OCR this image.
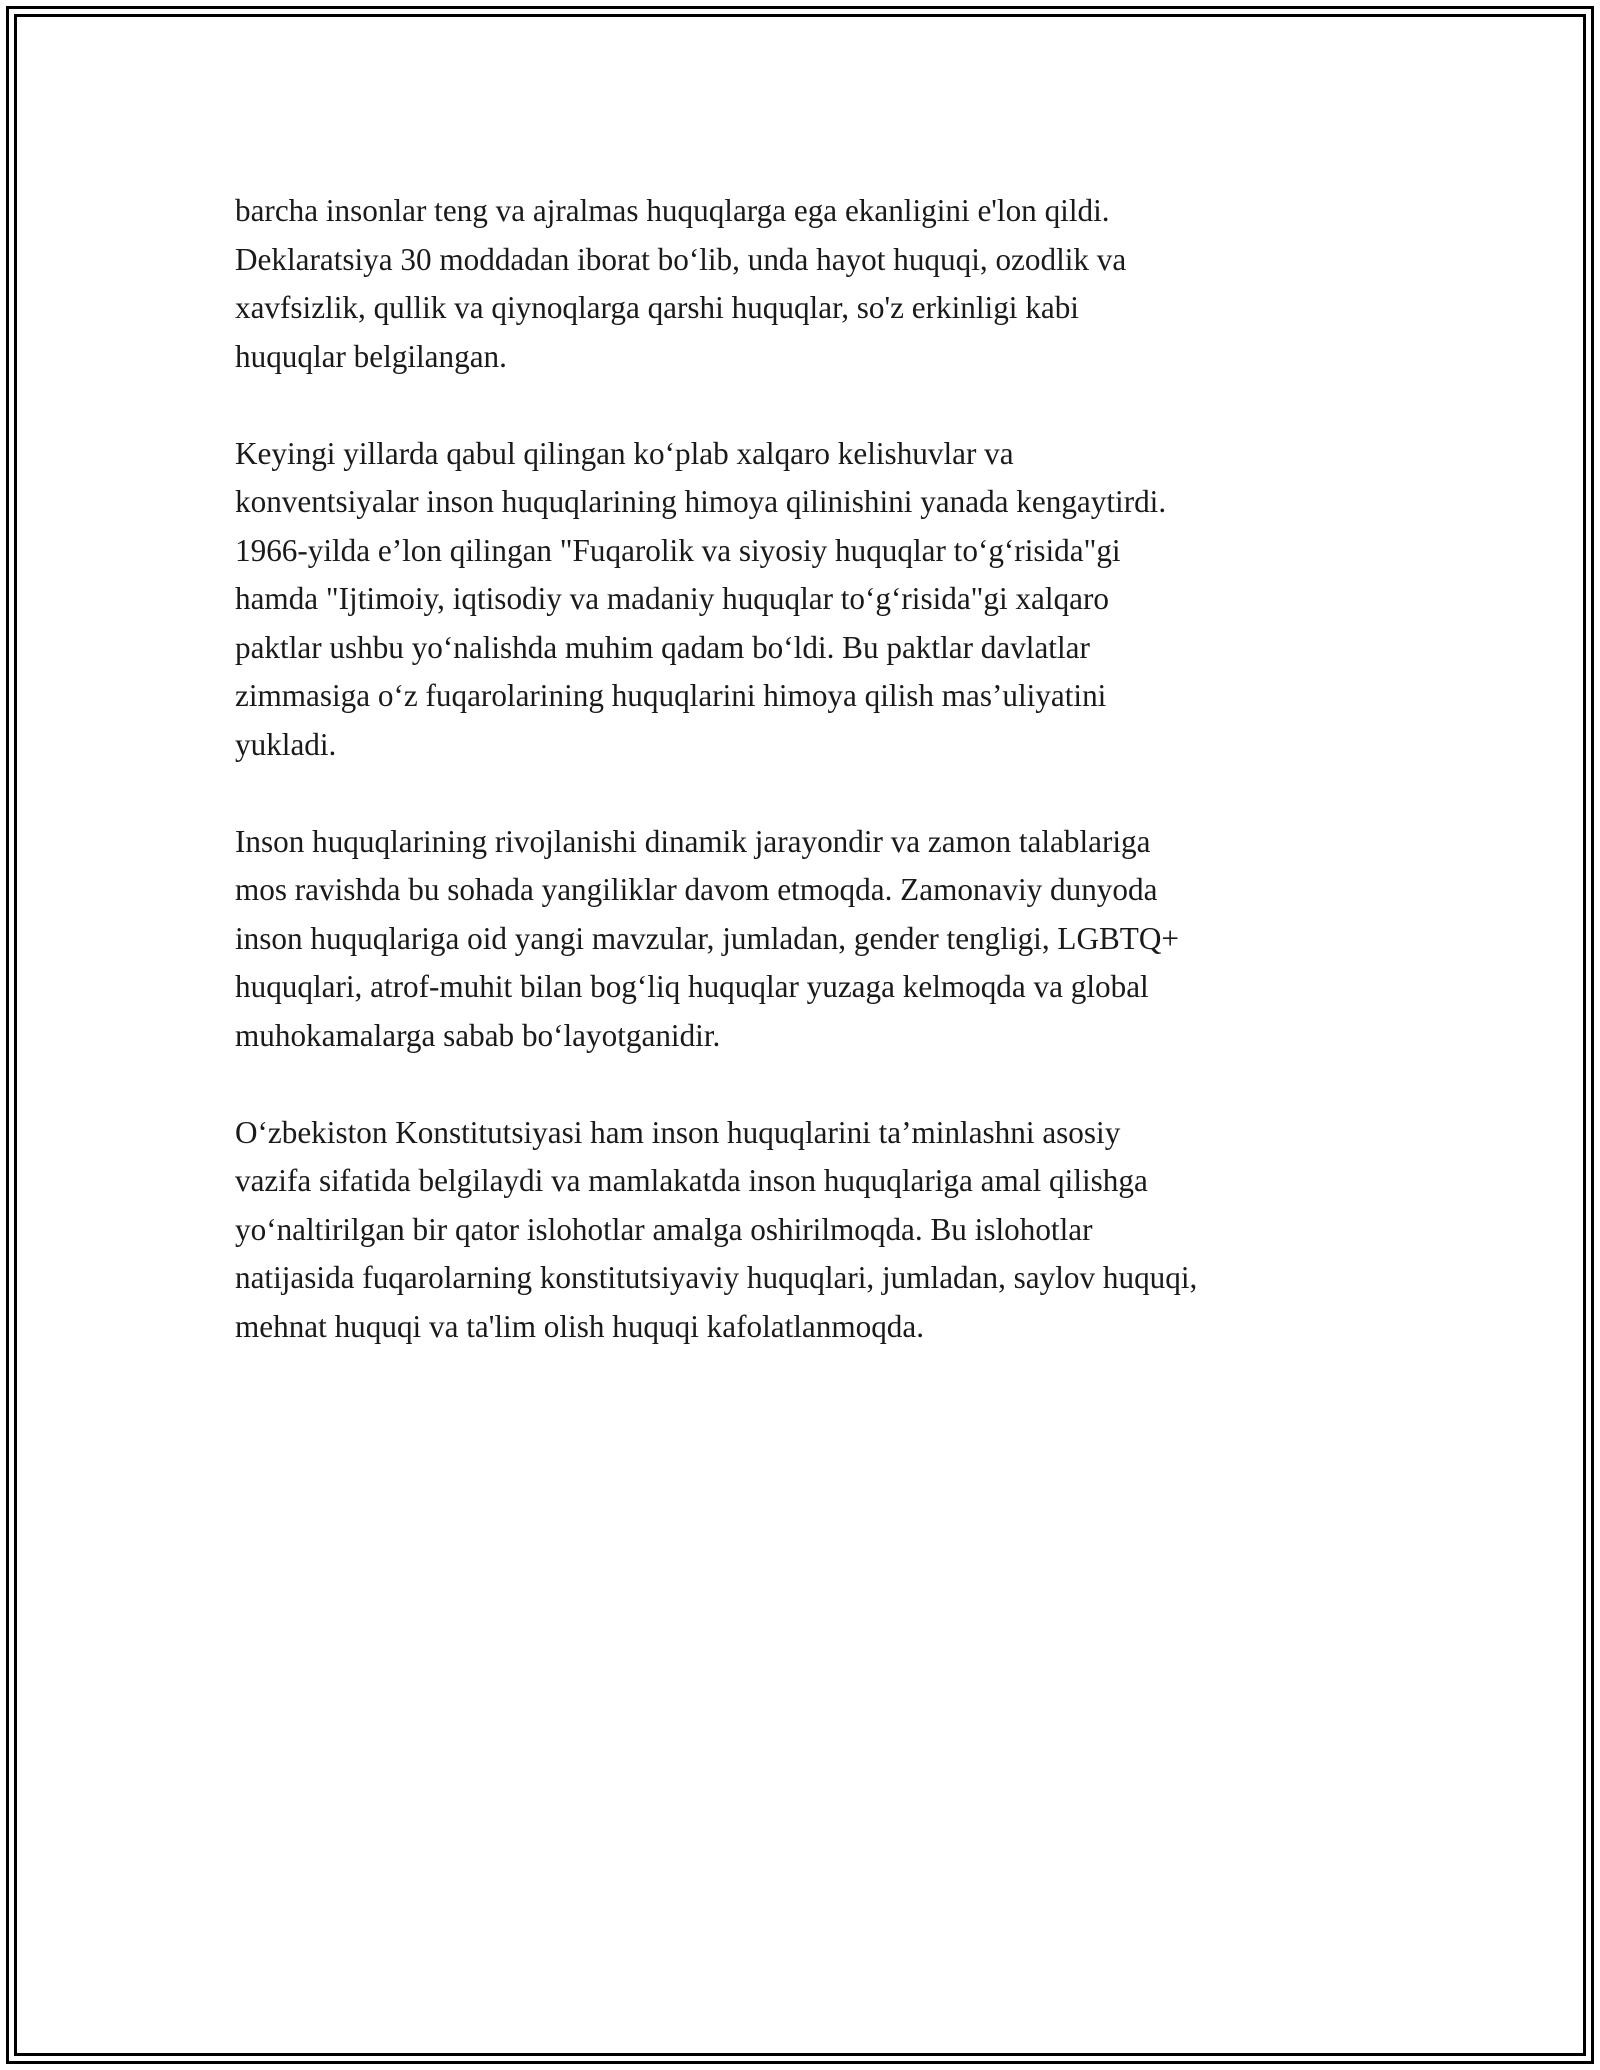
barcha insonlar teng va ajralmas huquqlarga ega ekanligini e'lon qildi.
Deklaratsiya 30 moddadan iborat bo‘lib, unda hayot huquqi, ozodlik va
xavfsizlik, qullik va qiynoqlarga qarshi huquqlar, so'z erkinligi kabi
huquqlar belgilangan.

Keyingi yillarda qabul qilingan ko‘plab xalqaro kelishuvlar va
konventsiyalar inson huquqlarining himoya qilinishini yanada kengaytirdi.
1966-yilda e’lon qilingan "Fuqarolik va siyosiy huquqlar to‘g‘risida"gi
hamda "Ijtimoiy, iqtisodiy va madaniy huquqlar to‘g‘risida"gi xalqaro
paktlar ushbu yo‘nalishda muhim qadam bo‘ldi. Bu paktlar davlatlar
zimmasiga o‘z fuqarolarining huquqlarini himoya qilish mas’uliyatini
yukladi.

Inson huquqlarining rivojlanishi dinamik jarayondir va zamon talablariga
mos ravishda bu sohada yangiliklar davom etmoqda. Zamonaviy dunyoda
inson huquqlariga oid yangi mavzular, jumladan, gender tengligi, LGBTQ+
huquqlari, atrof-muhit bilan bog‘liq huquqlar yuzaga kelmoqda va global
muhokamalarga sabab bo‘layotganidir.

O‘zbekiston Konstitutsiyasi ham inson huquqlarini ta’minlashni asosiy
vazifa sifatida belgilaydi va mamlakatda inson huquqlariga amal qilishga
yo‘naltirilgan bir qator islohotlar amalga oshirilmoqda. Bu islohotlar
natijasida fuqarolarning konstitutsiyaviy huquqlari, jumladan, saylov huquqi,
mehnat huquqi va ta'lim olish huquqi kafolatlanmoqda.
